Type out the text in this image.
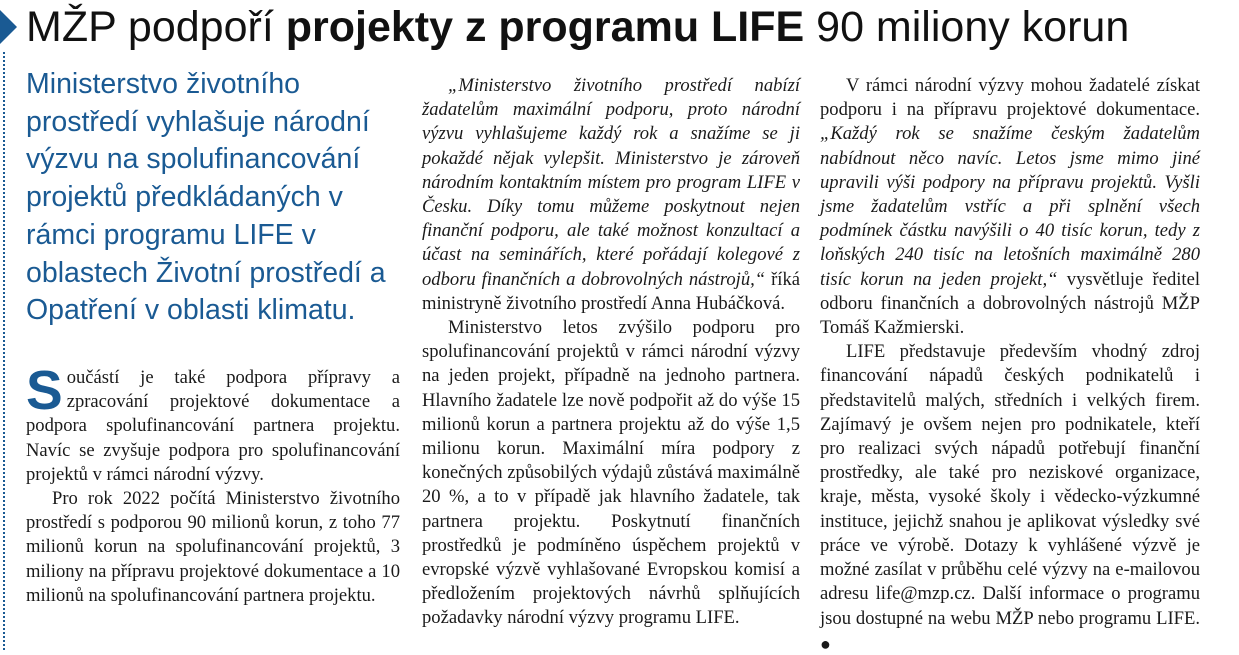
MŽP podpoří projekty z programu LIFE 90 miliony korun
Ministerstvo životního prostředí vyhlašuje národní výzvu na spolufinancování projektů předkládaných v rámci programu LIFE v oblastech Životní prostředí a Opatření v oblasti klimatu.

Součástí je také podpora přípravy a zpracování projektové dokumentace a podpora spolufinancování partnera projektu. Navíc se zvyšuje podpora pro spolufinancování projektů v rámci národní výzvy.

Pro rok 2022 počítá Ministerstvo životního prostředí s podporou 90 milionů korun, z toho 77 milionů korun na spolufinancování projektů, 3 miliony na přípravu projektové dokumentace a 10 milionů na spolufinancování partnera projektu.

„Ministerstvo životního prostředí nabízí žadatelům maximální podporu, proto národní výzvu vyhlašujeme každý rok a snažíme se ji pokaždé nějak vylepšit. Ministerstvo je zároveň národním kontaktním místem pro program LIFE v Česku. Díky tomu můžeme poskytnout nejen finanční podporu, ale také možnost konzultací a účast na seminářích, které pořádají kolegové z odboru finančních a dobrovolných nástrojů,“ říká ministryně životního prostředí Anna Hubáčková.

Ministerstvo letos zvýšilo podporu pro spolufinancování projektů v rámci národní výzvy na jeden projekt, případně na jednoho partnera. Hlavního žadatele lze nově podpořit až do výše 15 milionů korun a partnera projektu až do výše 1,5 milionu korun. Maximální míra podpory z konečných způsobilých výdajů zůstává maximálně 20 %, a to v případě jak hlavního žadatele, tak partnera projektu. Poskytnutí finančních prostředků je podmíněno úspěchem projektů v evropské výzvě vyhlašované Evropskou komisí a předložením projektových návrhů splňujících požadavky národní výzvy programu LIFE.

V rámci národní výzvy mohou žadatelé získat podporu i na přípravu projektové dokumentace. „Každý rok se snažíme českým žadatelům nabídnout něco navíc. Letos jsme mimo jiné upravili výši podpory na přípravu projektů. Vyšli jsme žadatelům vstříc a při splnění všech podmínek částku navýšili o 40 tisíc korun, tedy z loňských 240 tisíc na letošních maximálně 280 tisíc korun na jeden projekt,“ vysvětluje ředitel odboru finančních a dobrovolných nástrojů MŽP Tomáš Kažmierski.

LIFE představuje především vhodný zdroj financování nápadů českých podnikatelů i představitelů malých, středních i velkých firem. Zajímavý je ovšem nejen pro podnikatele, kteří pro realizaci svých nápadů potřebují finanční prostředky, ale také pro neziskové organizace, kraje, města, vysoké školy i vědecko-výzkumné instituce, jejichž snahou je aplikovat výsledky své práce ve výrobě. Dotazy k vyhlášené výzvě je možné zasílat v průběhu celé výzvy na e-mailovou adresu life@mzp.cz. Další informace o programu jsou dostupné na webu MŽP nebo programu LIFE. ●
